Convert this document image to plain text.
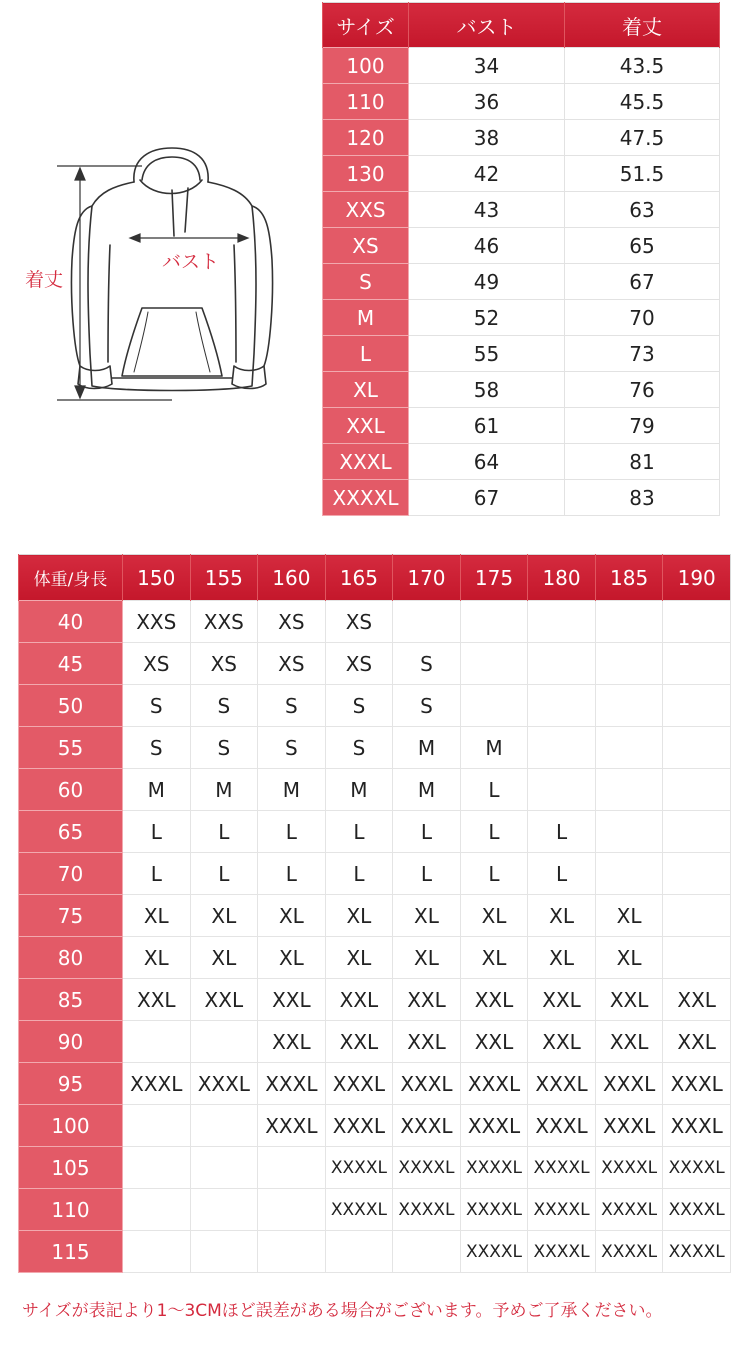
サイズ	バスト	着丈
100	34	43.5
110	36	45.5
120	38	47.5
130	42	51.5
XXS	43	63
XS	46	65
S	49	67
M	52	70
L	55	73
XL	58	76
XXL	61	79
XXXL	64	81
XXXXL	67	83
着丈
バスト
体重/身長	150	155	160	165	170	175	180	185	190
40	XXS	XXS	XS	XS					
45	XS	XS	XS	XS	S				
50	S	S	S	S	S				
55	S	S	S	S	M	M			
60	M	M	M	M	M	L			
65	L	L	L	L	L	L	L		
70	L	L	L	L	L	L	L		
75	XL	XL	XL	XL	XL	XL	XL	XL	
80	XL	XL	XL	XL	XL	XL	XL	XL	
85	XXL	XXL	XXL	XXL	XXL	XXL	XXL	XXL	XXL
90			XXL	XXL	XXL	XXL	XXL	XXL	XXL
95	XXXL	XXXL	XXXL	XXXL	XXXL	XXXL	XXXL	XXXL	XXXL
100			XXXL	XXXL	XXXL	XXXL	XXXL	XXXL	XXXL
105				XXXXL	XXXXL	XXXXL	XXXXL	XXXXL	XXXXL
110				XXXXL	XXXXL	XXXXL	XXXXL	XXXXL	XXXXL
115						XXXXL	XXXXL	XXXXL	XXXXL
サイズが表記より1～3CMほど誤差がある場合がございます。予めご了承ください。
